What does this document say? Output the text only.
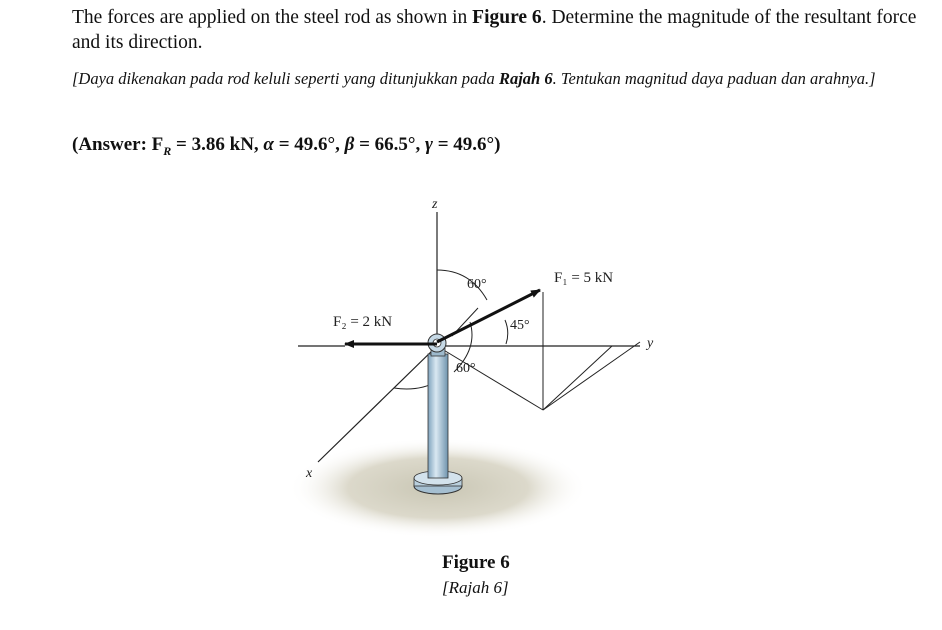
The forces are applied on the steel rod as shown in Figure 6. Determine the magnitude of the resultant force and its direction.

[Daya dikenakan pada rod keluli seperti yang ditunjukkan pada Rajah 6. Tentukan magnitud daya paduan dan arahnya.]

(Answer: $F_R = 3.86$ kN, α = 49.6°, β = 66.5°, γ = 49.6°)

z
y
x
F₁ = 5 kN
F₂ = 2 kN
60°
45°
60°

Figure 6

[Rajah 6]
